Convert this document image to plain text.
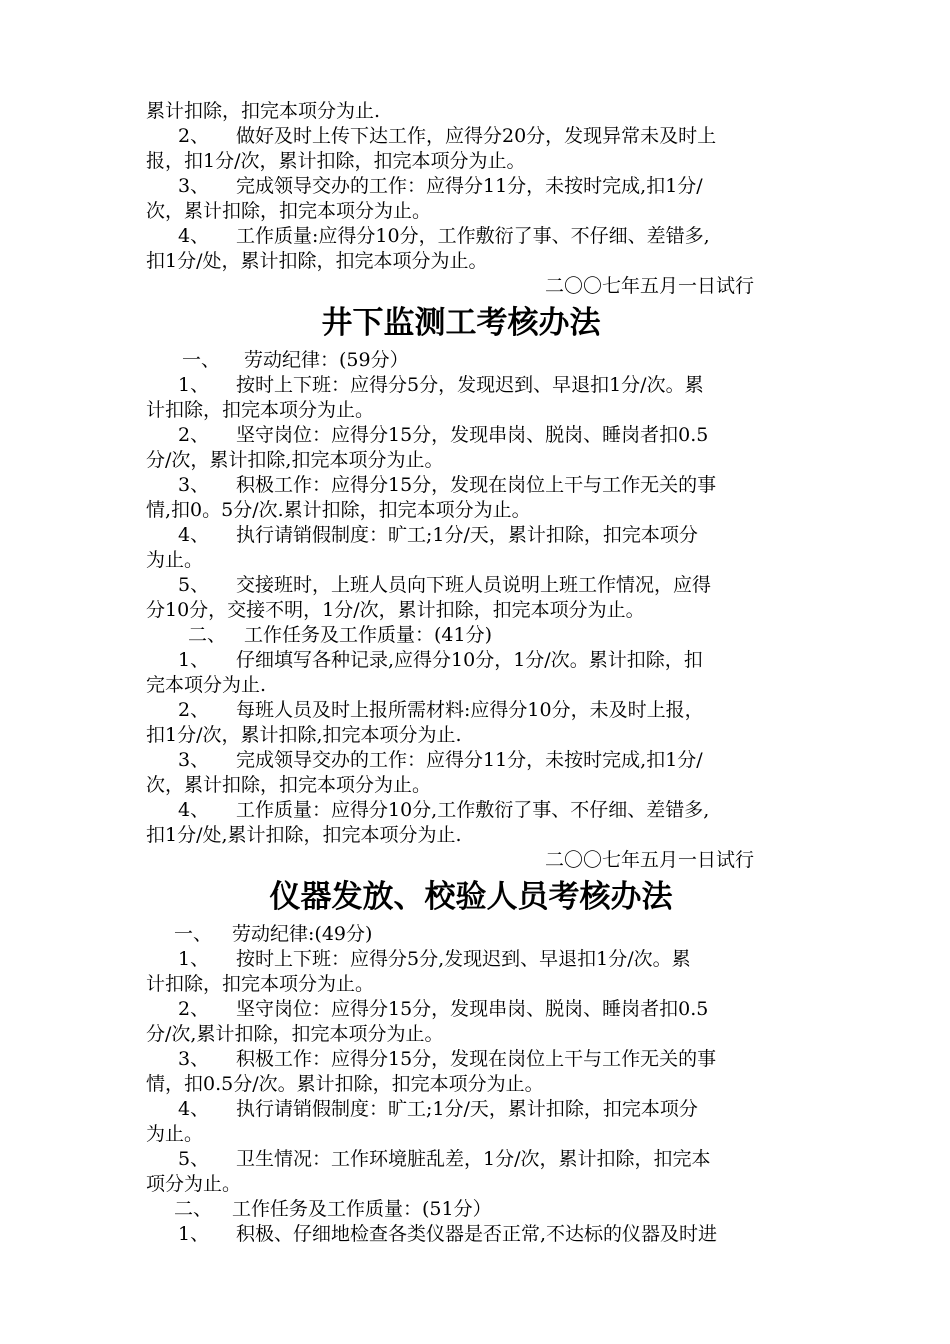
累计扣除，扣完本项分为止.
2、 做好及时上传下达工作，应得分20分，发现异常未及时上
报，扣1分/次，累计扣除，扣完本项分为止。
3、 完成领导交办的工作：应得分11分，未按时完成,扣1分/
次，累计扣除，扣完本项分为止。
4、 工作质量:应得分10分，工作敷衍了事、不仔细、差错多,
扣1分/处，累计扣除，扣完本项分为止。
二〇〇七年五月一日试行
井下监测工考核办法
一、 劳动纪律：(59分）
1、 按时上下班：应得分5分，发现迟到、早退扣1分/次。累
计扣除，扣完本项分为止。
2、 坚守岗位：应得分15分，发现串岗、脱岗、睡岗者扣0.5
分/次，累计扣除,扣完本项分为止。
3、 积极工作：应得分15分，发现在岗位上干与工作无关的事
情,扣0。5分/次.累计扣除，扣完本项分为止。
4、 执行请销假制度：旷工;1分/天，累计扣除，扣完本项分
为止。
5、 交接班时，上班人员向下班人员说明上班工作情况，应得
分10分，交接不明，1分/次，累计扣除，扣完本项分为止。
二、 工作任务及工作质量：(41分)
1、 仔细填写各种记录,应得分10分，1分/次。累计扣除，扣
完本项分为止.
2、 每班人员及时上报所需材料:应得分10分，未及时上报，
扣1分/次，累计扣除,扣完本项分为止.
3、 完成领导交办的工作：应得分11分，未按时完成,扣1分/
次，累计扣除，扣完本项分为止。
4、 工作质量：应得分10分,工作敷衍了事、不仔细、差错多,
扣1分/处,累计扣除，扣完本项分为止.
二〇〇七年五月一日试行
仪器发放、校验人员考核办法
一、 劳动纪律:(49分)
1、 按时上下班：应得分5分,发现迟到、早退扣1分/次。累
计扣除，扣完本项分为止。
2、 坚守岗位：应得分15分，发现串岗、脱岗、睡岗者扣0.5
分/次,累计扣除，扣完本项分为止。
3、 积极工作：应得分15分，发现在岗位上干与工作无关的事
情，扣0.5分/次。累计扣除，扣完本项分为止。
4、 执行请销假制度：旷工;1分/天，累计扣除，扣完本项分
为止。
5、 卫生情况：工作环境脏乱差，1分/次，累计扣除，扣完本
项分为止。
二、 工作任务及工作质量：(51分）
1、 积极、仔细地检查各类仪器是否正常,不达标的仪器及时进
